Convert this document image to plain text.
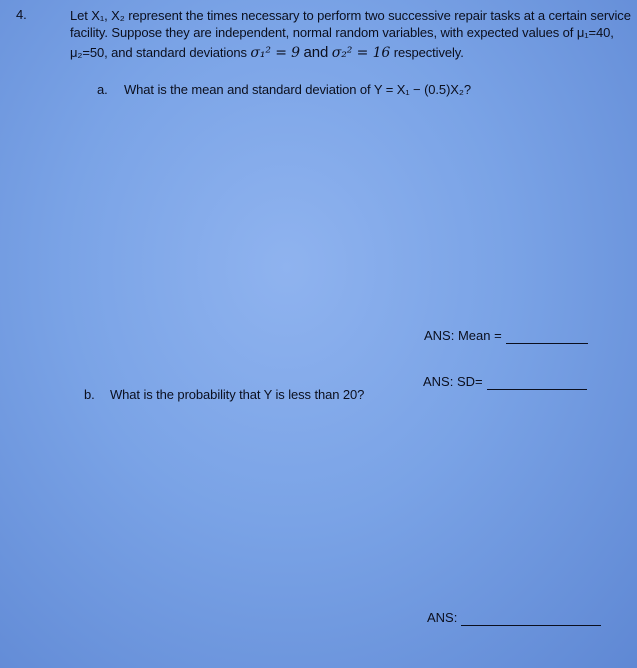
4.	Let X₁, X₂ represent the times necessary to perform two successive repair tasks at a certain service
facility. Suppose they are independent, normal random variables, with expected values of μ₁=40,
μ₂=50, and standard deviations σ₁² = 9 and σ₂² = 16 respectively.
a. What is the mean and standard deviation of Y = X₁ − (0.5)X₂?
ANS: Mean =
ANS: SD=
b. What is the probability that Y is less than 20?
ANS:
